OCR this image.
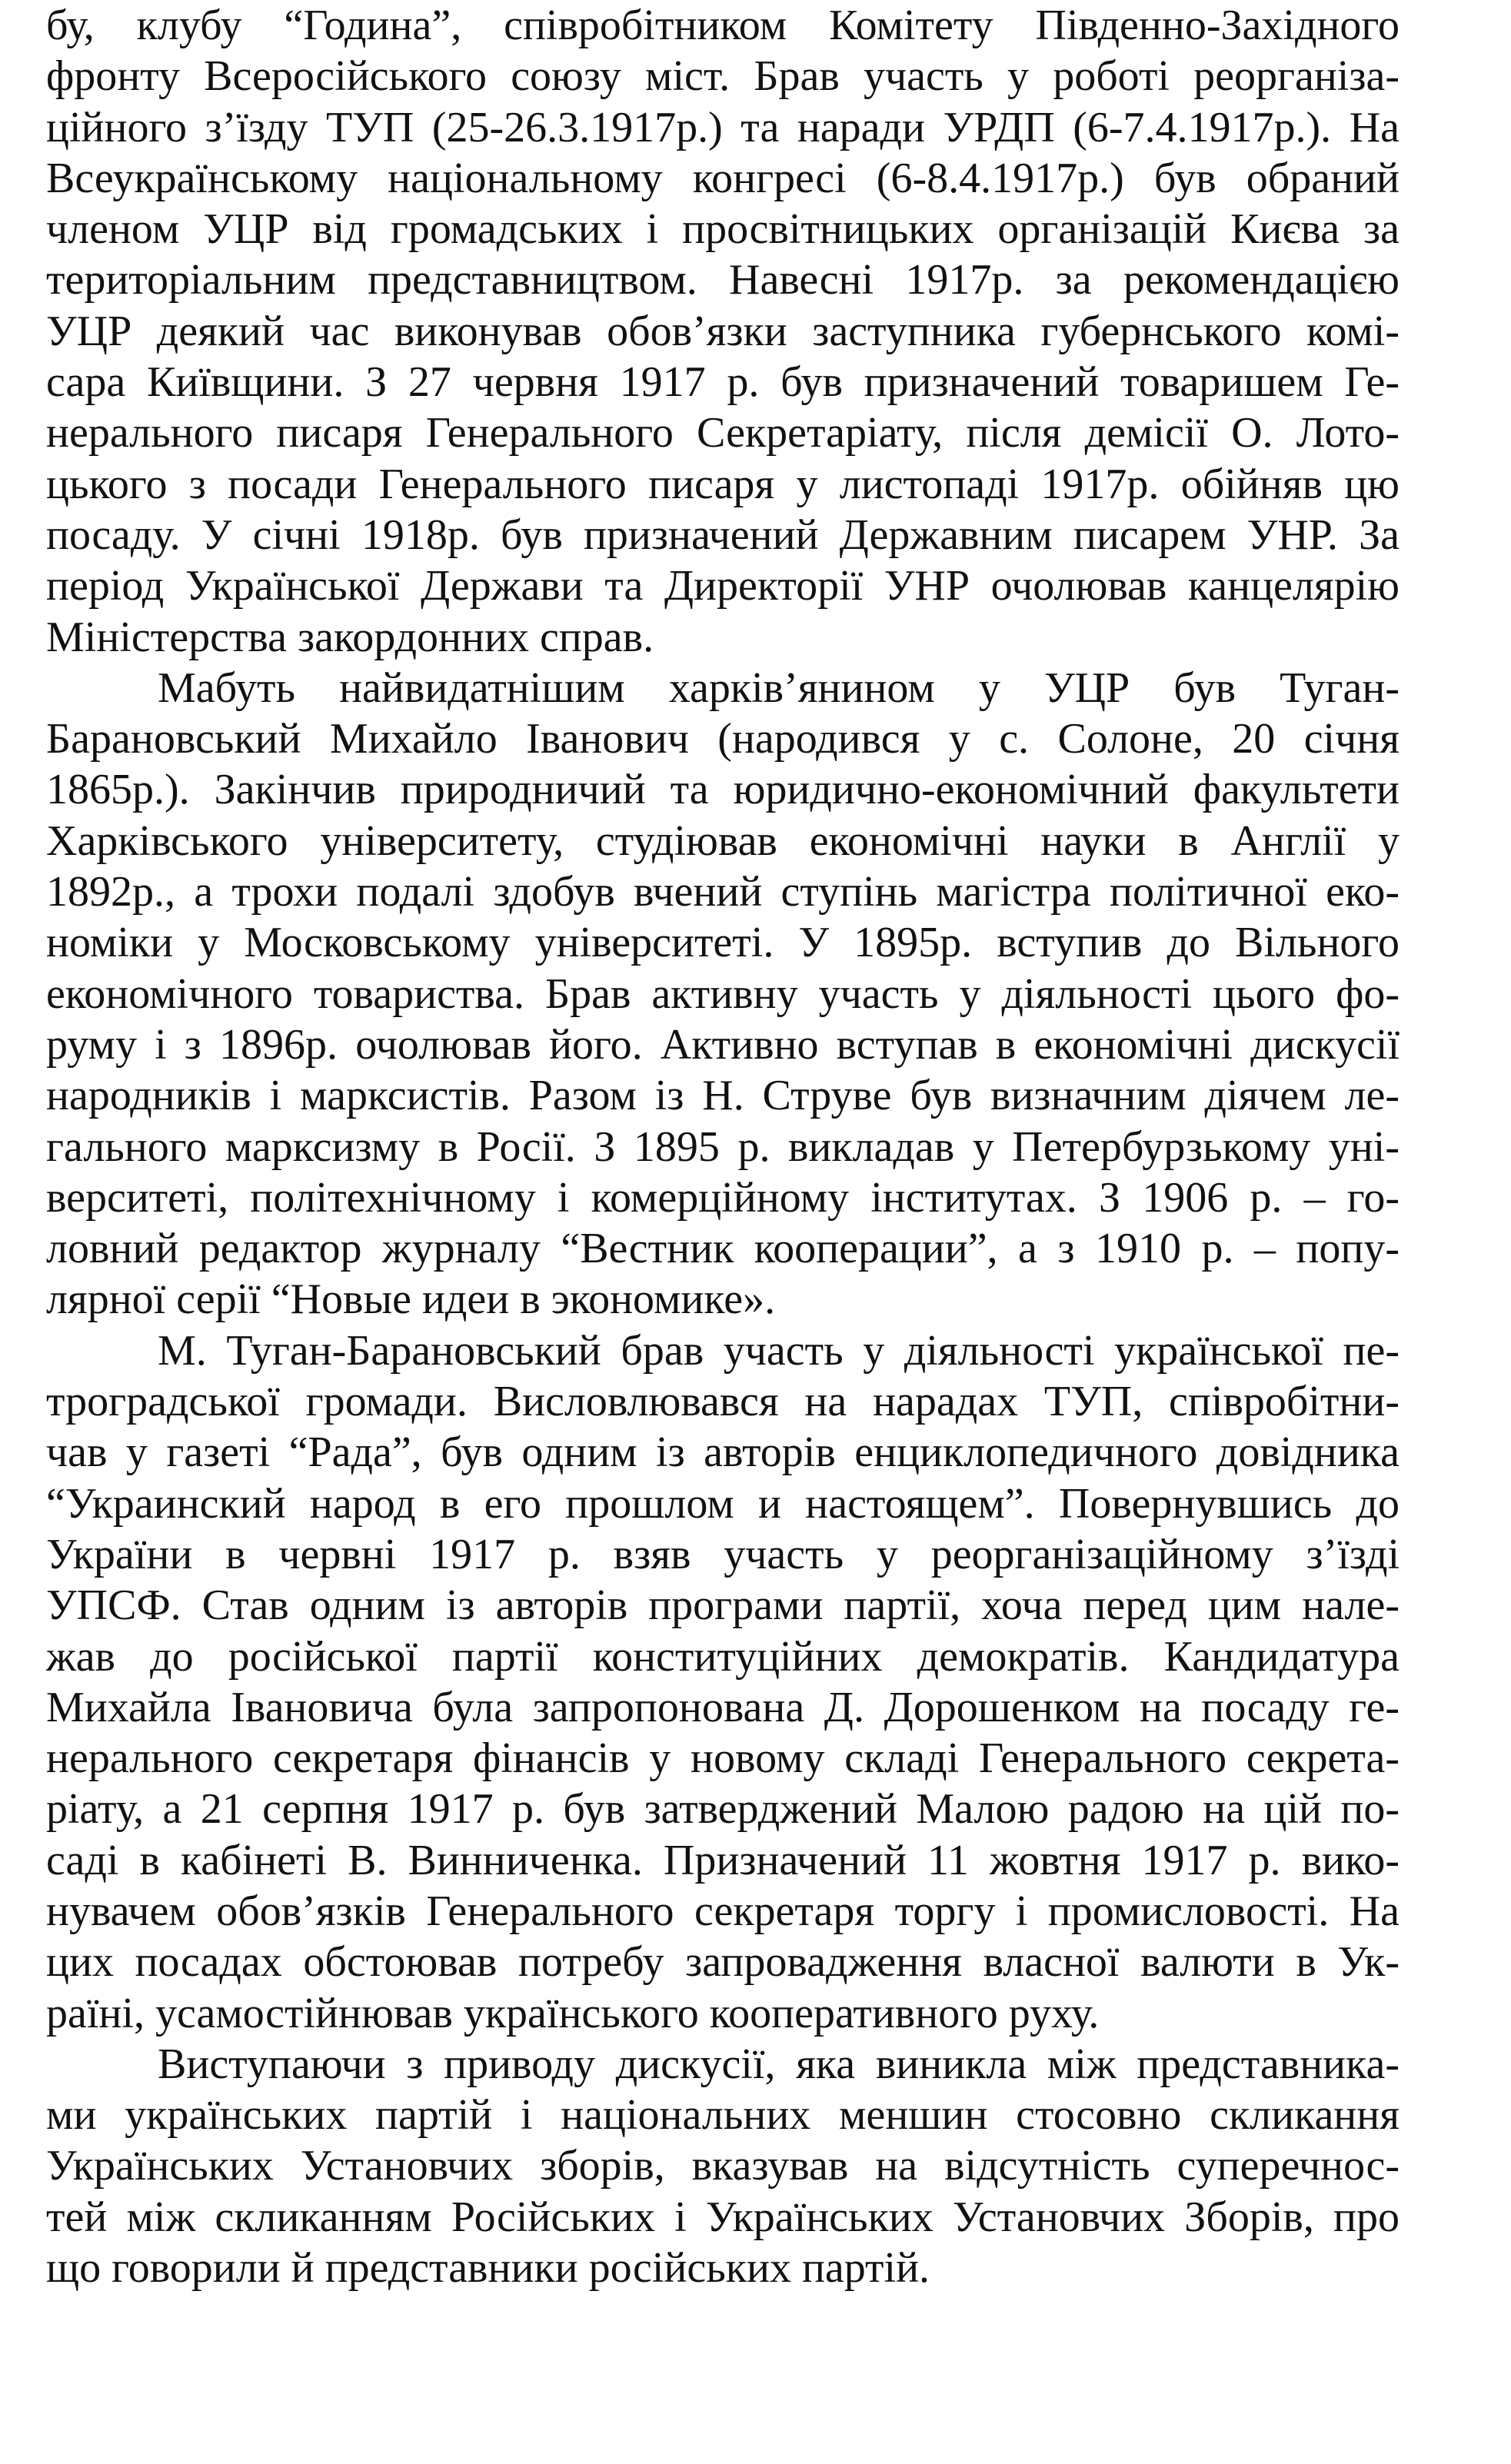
бу, клубу “Година”, співробітником Комітету Південно-Західного
фронту Всеросійського союзу міст. Брав участь у роботі реорганіза-
ційного з’їзду ТУП (25-26.3.1917р.) та наради УРДП (6-7.4.1917р.). На
Всеукраїнському національному конгресі (6-8.4.1917р.) був обраний
членом УЦР від громадських і просвітницьких організацій Києва за
територіальним представництвом. Навесні 1917р. за рекомендацією
УЦР деякий час виконував обов’язки заступника губернського комі-
сара Київщини. З 27 червня 1917 р. був призначений товаришем Ге-
нерального писаря Генерального Секретаріату, після демісії О. Лото-
цького з посади Генерального писаря у листопаді 1917р. обійняв цю
посаду. У січні 1918р. був призначений Державним писарем УНР. За
період Української Держави та Директорії УНР очолював канцелярію
Міністерства закордонних справ.
Мабуть найвидатнішим харків’янином у УЦР був Туган-
Барановський Михайло Іванович (народився у с. Солоне, 20 січня
1865р.). Закінчив природничий та юридично-економічний факультети
Харківського університету, студіював економічні науки в Англії у
1892р., а трохи подалі здобув вчений ступінь магістра політичної еко-
номіки у Московському університеті. У 1895р. вступив до Вільного
економічного товариства. Брав активну участь у діяльності цього фо-
руму і з 1896р. очолював його. Активно вступав в економічні дискусії
народників і марксистів. Разом із Н. Струве був визначним діячем ле-
гального марксизму в Росії. З 1895 р. викладав у Петербурзькому уні-
верситеті, політехнічному і комерційному інститутах. З 1906 р. – го-
ловний редактор журналу “Вестник кооперации”, а з 1910 р. – попу-
лярної серії “Новые идеи в экономике».
М. Туган-Барановський брав участь у діяльності української пе-
троградської громади. Висловлювався на нарадах ТУП, співробітни-
чав у газеті “Рада”, був одним із авторів енциклопедичного довідника
“Украинский народ в его прошлом и настоящем”. Повернувшись до
України в червні 1917 р. взяв участь у реорганізаційному з’їзді
УПСФ. Став одним із авторів програми партії, хоча перед цим нале-
жав до російської партії конституційних демократів. Кандидатура
Михайла Івановича була запропонована Д. Дорошенком на посаду ге-
нерального секретаря фінансів у новому складі Генерального секрета-
ріату, а 21 серпня 1917 р. був затверджений Малою радою на цій по-
саді в кабінеті В. Винниченка. Призначений 11 жовтня 1917 р. вико-
нувачем обов’язків Генерального секретаря торгу і промисловості. На
цих посадах обстоював потребу запровадження власної валюти в Ук-
раїні, усамостійнював українського кооперативного руху.
Виступаючи з приводу дискусії, яка виникла між представника-
ми українських партій і національних меншин стосовно скликання
Українських Установчих зборів, вказував на відсутність суперечнос-
тей між скликанням Російських і Українських Установчих Зборів, про
що говорили й представники російських партій.
